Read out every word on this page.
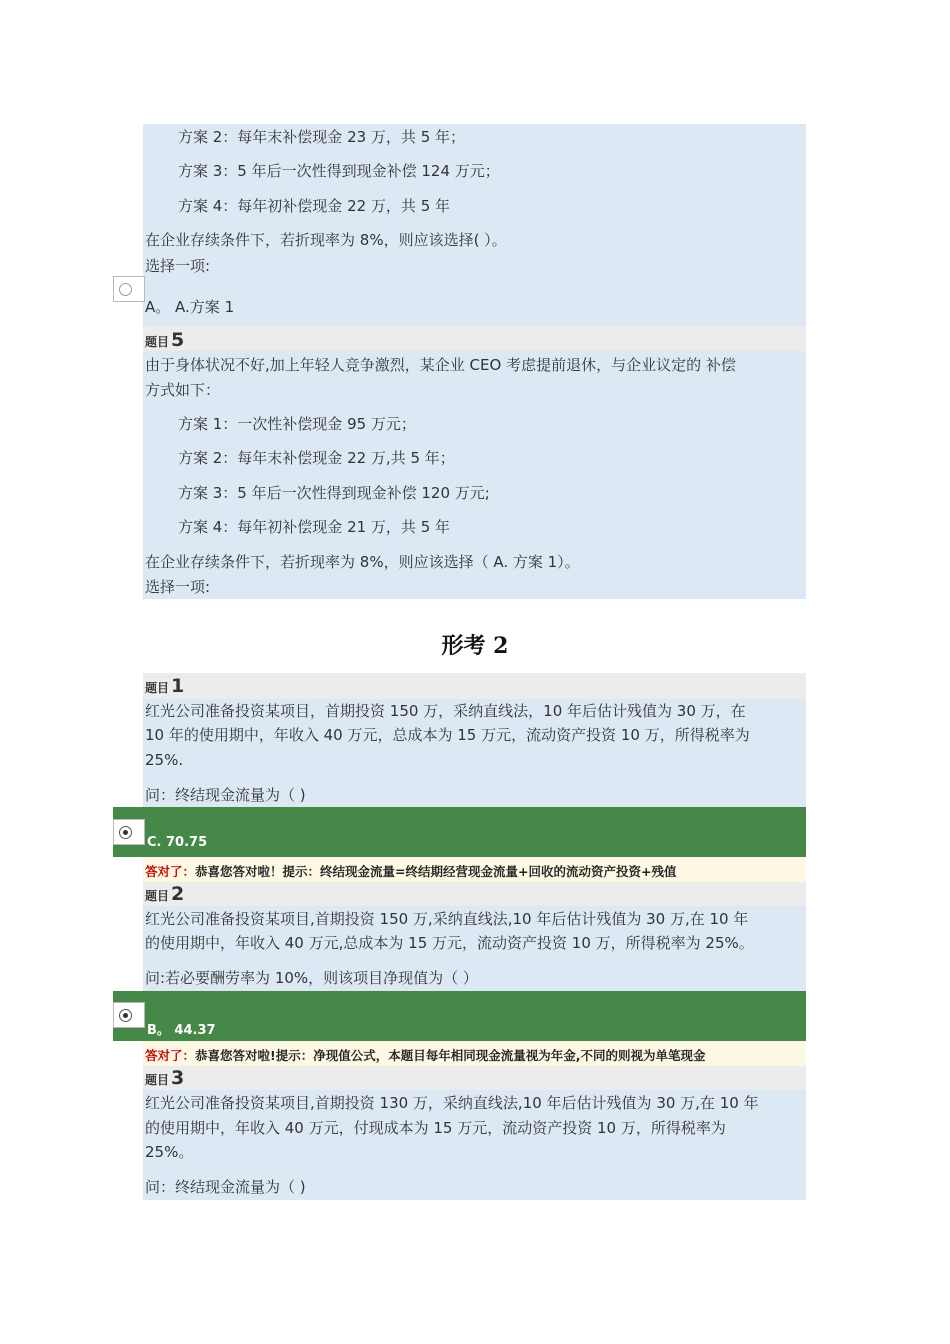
方案 2：每年末补偿现金 23 万，共 5 年；
方案 3：5 年后一次性得到现金补偿 124 万元；
方案 4：每年初补偿现金 22 万，共 5 年
在企业存续条件下，若折现率为 8%，则应该选择( ）。
选择一项:
A。 A.方案 1
题目 5
由于身体状况不好,加上年轻人竞争激烈，某企业 CEO 考虑提前退休，与企业议定的 补偿
方式如下：
方案 1：一次性补偿现金 95 万元；
方案 2：每年末补偿现金 22 万,共 5 年；
方案 3：5 年后一次性得到现金补偿 120 万元;
方案 4：每年初补偿现金 21 万，共 5 年
在企业存续条件下，若折现率为 8%，则应该选择（ A. 方案 1）。
选择一项:
形考 2
题目 1
红光公司准备投资某项目，首期投资 150 万，采纳直线法，10 年后估计残值为 30 万，在
10 年的使用期中，年收入 40 万元，总成本为 15 万元，流动资产投资 10 万，所得税率为
25%.
问：终结现金流量为（ )
C. 70.75
答对了：恭喜您答对啦！提示：终结现金流量=终结期经营现金流量+回收的流动资产投资+残值
题目 2
红光公司准备投资某项目,首期投资 150 万,采纳直线法,10 年后估计残值为 30 万,在 10 年
的使用期中，年收入 40 万元,总成本为 15 万元，流动资产投资 10 万，所得税率为 25%。
问:若必要酬劳率为 10%，则该项目净现值为（ ）
B。 44.37
答对了：恭喜您答对啦!提示：净现值公式，本题目每年相同现金流量视为年金,不同的则视为单笔现金
题目 3
红光公司准备投资某项目,首期投资 130 万，采纳直线法,10 年后估计残值为 30 万,在 10 年
的使用期中，年收入 40 万元，付现成本为 15 万元，流动资产投资 10 万，所得税率为
25%。
问：终结现金流量为（ )
